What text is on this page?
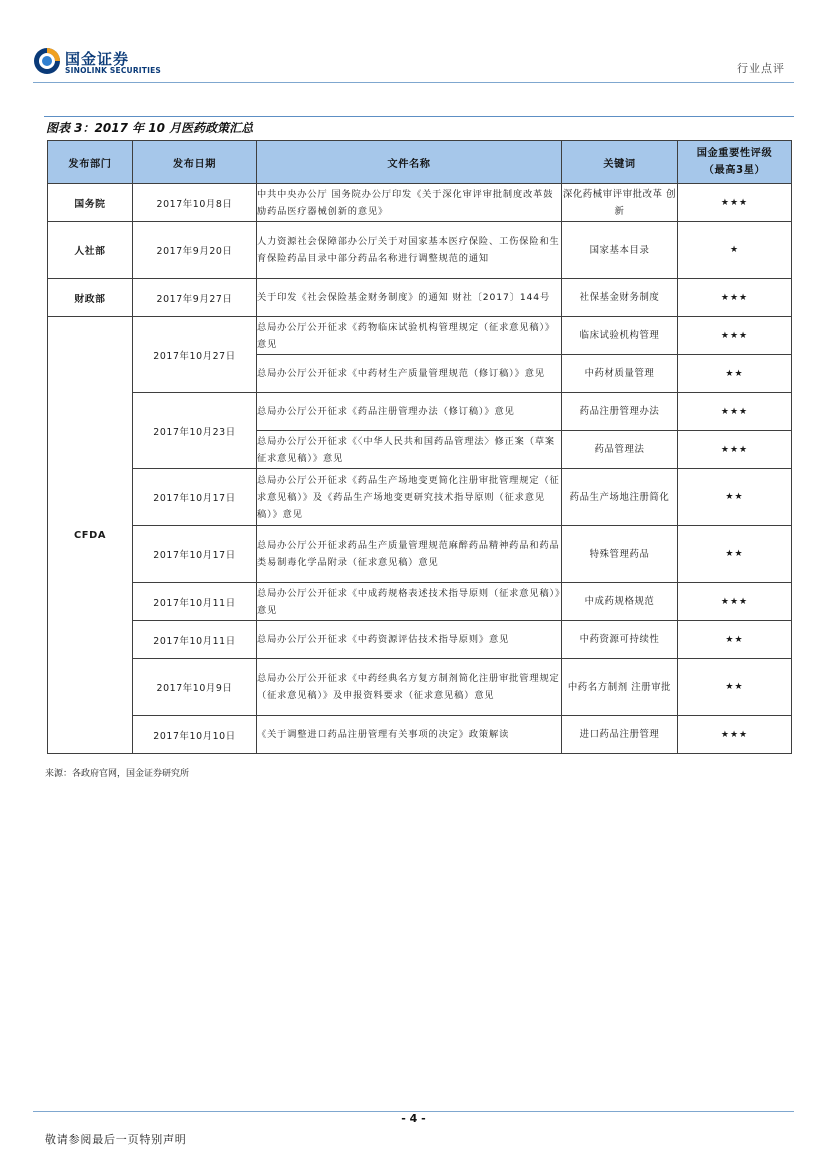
国金证券
SINOLINK SECURITIES	行业点评
图表 3：2017 年 10 月医药政策汇总
发布部门	发布日期	文件名称	关键词	国金重要性评级
（最高3星）
国务院	2017年10月8日	中共中央办公厅 国务院办公厅印发《关于深化审评审批制度改革鼓励药品医疗器械创新的意见》	深化药械审评审批改革 创新	★★★
人社部	2017年9月20日	人力资源社会保障部办公厅关于对国家基本医疗保险、工伤保险和生育保险药品目录中部分药品名称进行调整规范的通知	国家基本目录	★
财政部	2017年9月27日	关于印发《社会保险基金财务制度》的通知 财社〔2017〕144号	社保基金财务制度	★★★
CFDA	2017年10月27日	总局办公厅公开征求《药物临床试验机构管理规定（征求意见稿）》意见	临床试验机构管理	★★★
		总局办公厅公开征求《中药材生产质量管理规范（修订稿）》意见	中药材质量管理	★★
	2017年10月23日	总局办公厅公开征求《药品注册管理办法（修订稿）》意见	药品注册管理办法	★★★
		总局办公厅公开征求《〈中华人民共和国药品管理法〉修正案（草案征求意见稿）》意见	药品管理法	★★★
	2017年10月17日	总局办公厅公开征求《药品生产场地变更简化注册审批管理规定（征求意见稿）》及《药品生产场地变更研究技术指导原则（征求意见稿）》意见	药品生产场地注册简化	★★
	2017年10月17日	总局办公厅公开征求药品生产质量管理规范麻醉药品精神药品和药品类易制毒化学品附录（征求意见稿）意见	特殊管理药品	★★
	2017年10月11日	总局办公厅公开征求《中成药规格表述技术指导原则（征求意见稿）》意见	中成药规格规范	★★★
	2017年10月11日	总局办公厅公开征求《中药资源评估技术指导原则》意见	中药资源可持续性	★★
	2017年10月9日	总局办公厅公开征求《中药经典名方复方制剂简化注册审批管理规定（征求意见稿）》及申报资料要求（征求意见稿）意见	中药名方制剂 注册审批	★★
	2017年10月10日	《关于调整进口药品注册管理有关事项的决定》政策解读	进口药品注册管理	★★★
来源：各政府官网，国金证券研究所
- 4 -
敬请参阅最后一页特别声明
